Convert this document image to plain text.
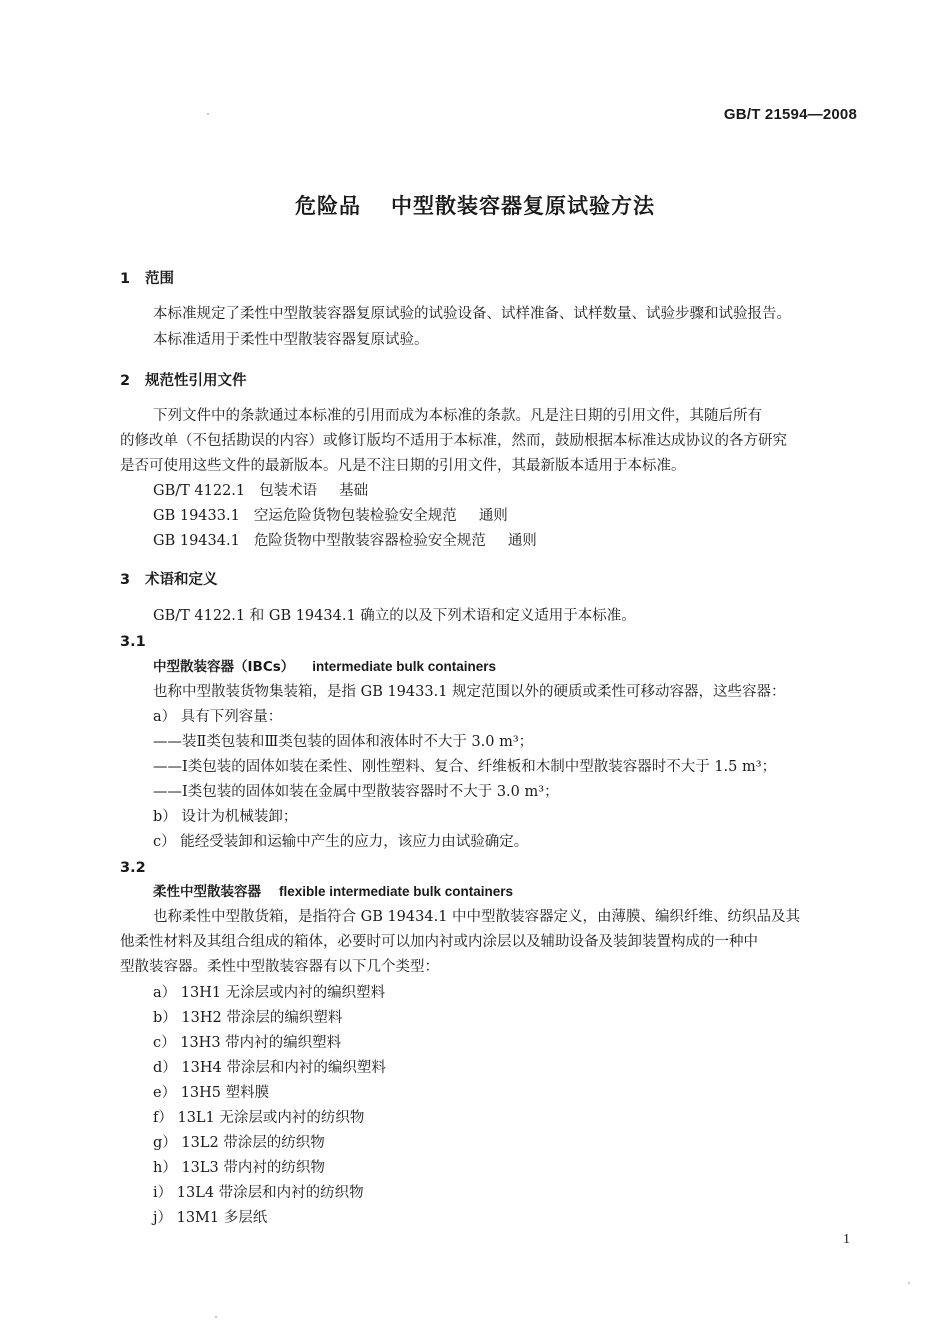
GB/T 21594—2008
危险品 中型散装容器复原试验方法
1 范围
本标准规定了柔性中型散装容器复原试验的试验设备、试样准备、试样数量、试验步骤和试验报告。
本标准适用于柔性中型散装容器复原试验。
2 规范性引用文件
下列文件中的条款通过本标准的引用而成为本标准的条款。凡是注日期的引用文件，其随后所有
的修改单（不包括勘误的内容）或修订版均不适用于本标准，然而，鼓励根据本标准达成协议的各方研究
是否可使用这些文件的最新版本。凡是不注日期的引用文件，其最新版本适用于本标准。
GB/T 4122.1 包装术语 基础
GB 19433.1 空运危险货物包装检验安全规范 通则
GB 19434.1 危险货物中型散装容器检验安全规范 通则
3 术语和定义
GB/T 4122.1 和 GB 19434.1 确立的以及下列术语和定义适用于本标准。
3.1
中型散装容器（IBCs） intermediate bulk containers
也称中型散装货物集装箱，是指 GB 19433.1 规定范围以外的硬质或柔性可移动容器，这些容器：
a） 具有下列容量：
——装Ⅱ类包装和Ⅲ类包装的固体和液体时不大于 3.0 m³；
——Ⅰ类包装的固体如装在柔性、刚性塑料、复合、纤维板和木制中型散装容器时不大于 1.5 m³；
——Ⅰ类包装的固体如装在金属中型散装容器时不大于 3.0 m³；
b） 设计为机械装卸；
c） 能经受装卸和运输中产生的应力，该应力由试验确定。
3.2
柔性中型散装容器 flexible intermediate bulk containers
也称柔性中型散货箱，是指符合 GB 19434.1 中中型散装容器定义，由薄膜、编织纤维、纺织品及其
他柔性材料及其组合组成的箱体，必要时可以加内衬或内涂层以及辅助设备及装卸装置构成的一种中
型散装容器。柔性中型散装容器有以下几个类型：
a） 13H1 无涂层或内衬的编织塑料
b） 13H2 带涂层的编织塑料
c） 13H3 带内衬的编织塑料
d） 13H4 带涂层和内衬的编织塑料
e） 13H5 塑料膜
f） 13L1 无涂层或内衬的纺织物
g） 13L2 带涂层的纺织物
h） 13L3 带内衬的纺织物
i） 13L4 带涂层和内衬的纺织物
j） 13M1 多层纸
1
